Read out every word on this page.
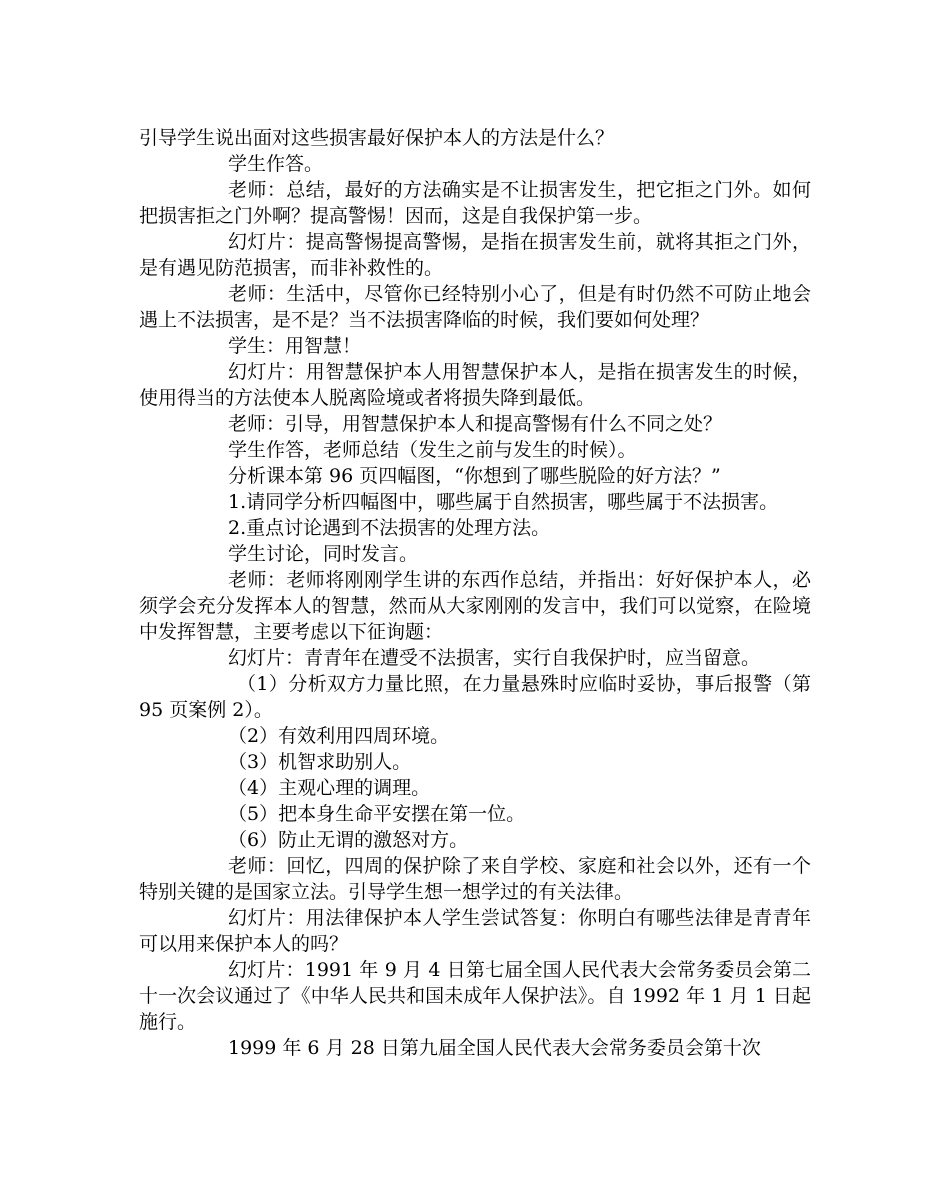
引导学生说出面对这些损害最好保护本人的方法是什么？

学生作答。

老师：总结，最好的方法确实是不让损害发生，把它拒之门外。如何把损害拒之门外啊？提高警惕！因而，这是自我保护第一步。

幻灯片：提高警惕提高警惕，是指在损害发生前，就将其拒之门外，是有遇见防范损害，而非补救性的。

老师：生活中，尽管你已经特别小心了，但是有时仍然不可防止地会遇上不法损害，是不是？当不法损害降临的时候，我们要如何处理？

学生：用智慧！

幻灯片：用智慧保护本人用智慧保护本人，是指在损害发生的时候，使用得当的方法使本人脱离险境或者将损失降到最低。

老师：引导，用智慧保护本人和提高警惕有什么不同之处？

学生作答，老师总结（发生之前与发生的时候）。

分析课本第 96 页四幅图，“你想到了哪些脱险的好方法？”

1.请同学分析四幅图中，哪些属于自然损害，哪些属于不法损害。

2.重点讨论遇到不法损害的处理方法。

学生讨论，同时发言。

老师：老师将刚刚学生讲的东西作总结，并指出：好好保护本人，必须学会充分发挥本人的智慧，然而从大家刚刚的发言中，我们可以觉察，在险境中发挥智慧，主要考虑以下征询题：

幻灯片：青青年在遭受不法损害，实行自我保护时，应当留意。

（1）分析双方力量比照，在力量悬殊时应临时妥协，事后报警（第 95 页案例 2）。

（2）有效利用四周环境。

（3）机智求助别人。

（4）主观心理的调理。

（5）把本身生命平安摆在第一位。

（6）防止无谓的激怒对方。

老师：回忆，四周的保护除了来自学校、家庭和社会以外，还有一个特别关键的是国家立法。引导学生想一想学过的有关法律。

幻灯片：用法律保护本人学生尝试答复：你明白有哪些法律是青青年可以用来保护本人的吗？

幻灯片：1991 年 9 月 4 日第七届全国人民代表大会常务委员会第二十一次会议通过了《中华人民共和国未成年人保护法》。自 1992 年 1 月 1 日起施行。

1999 年 6 月 28 日第九届全国人民代表大会常务委员会第十次
